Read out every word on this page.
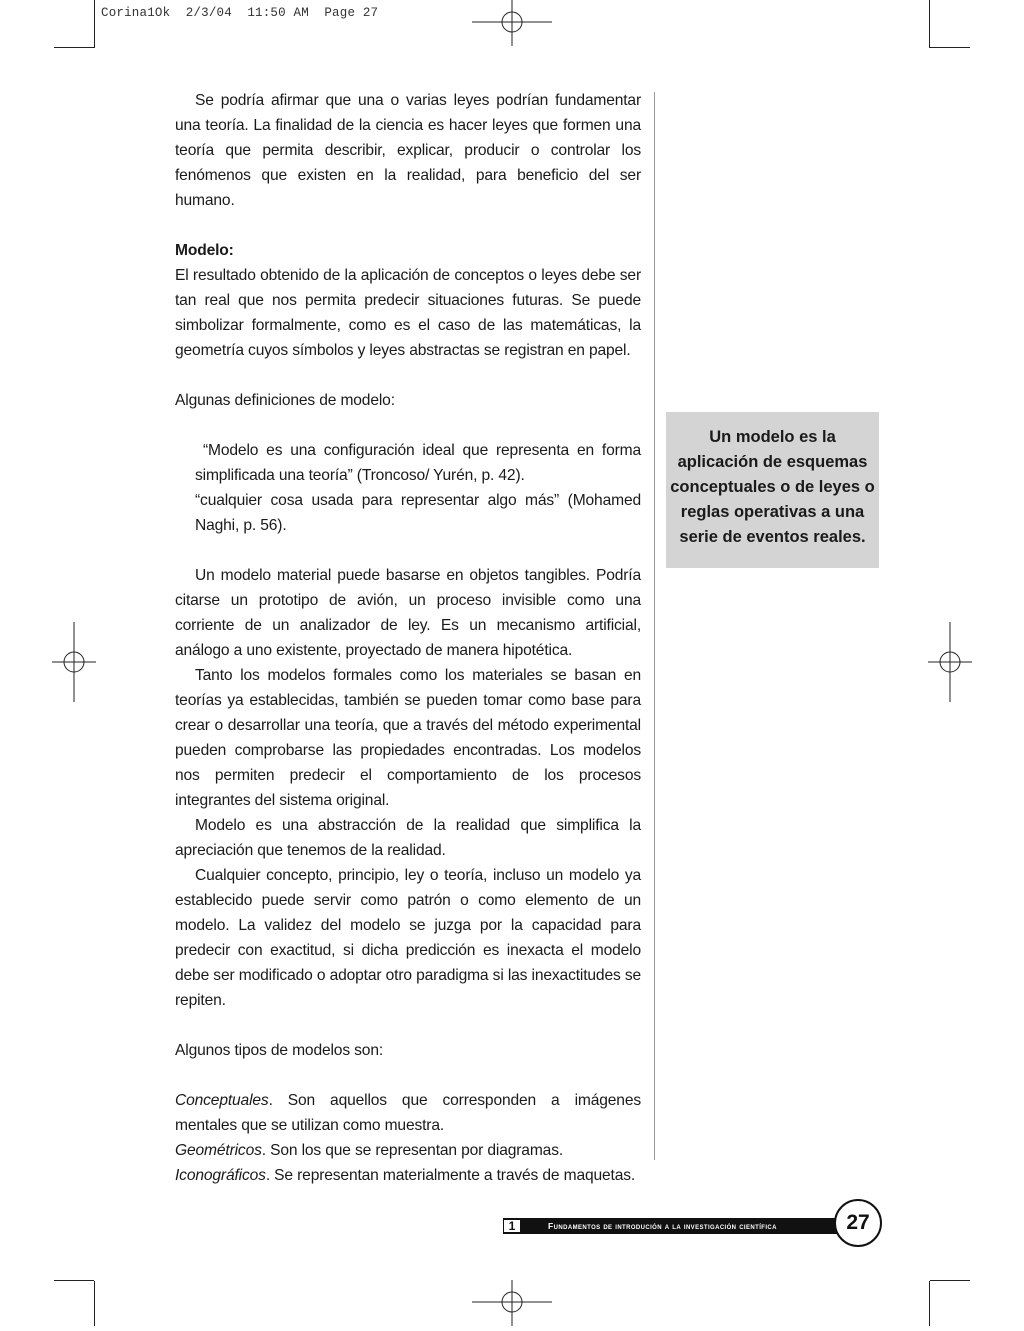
Corina1Ok  2/3/04  11:50 AM  Page 27

Se podría afirmar que una o varias leyes podrían fundamentar una teoría. La finalidad de la ciencia es hacer leyes que formen una teoría que permita describir, explicar, producir o controlar los fenómenos que existen en la realidad, para beneficio del ser humano.

Modelo:

El resultado obtenido de la aplicación de conceptos o leyes debe ser tan real que nos permita predecir situaciones futuras. Se puede simbolizar formalmente, como es el caso de las matemáticas, la geometría cuyos símbolos y leyes abstractas se registran en papel.

Algunas definiciones de modelo:

“Modelo es una configuración ideal que representa en forma simplificada una teoría” (Troncoso/ Yurén, p. 42).

“cualquier cosa usada para representar algo más” (Mohamed Naghi, p. 56).

Un modelo material puede basarse en objetos tangibles. Podría citarse un prototipo de avión, un proceso invisible como una corriente de un analizador de ley. Es un mecanismo artificial, análogo a uno existente, proyectado de manera hipotética.

Tanto los modelos formales como los materiales se basan en teorías ya establecidas, también se pueden tomar como base para crear o desarrollar una teoría, que a través del método experimental pueden comprobarse las propiedades encontradas. Los modelos nos permiten predecir el comportamiento de los procesos integrantes del sistema original.

Modelo es una abstracción de la realidad que simplifica la apreciación que tenemos de la realidad.

Cualquier concepto, principio, ley o teoría, incluso un modelo ya establecido puede servir como patrón o como elemento de un modelo. La validez del modelo se juzga por la capacidad para predecir con exactitud, si dicha predicción es inexacta el modelo debe ser modificado o adoptar otro paradigma si las inexactitudes se repiten.

Algunos tipos de modelos son:

Conceptuales. Son aquellos que corresponden a imágenes mentales que se utilizan como muestra.

Geométricos. Son los que se representan por diagramas.

Iconográficos. Se representan materialmente a través de maquetas.

Un modelo es la aplicación de esquemas conceptuales o de leyes o reglas operativas a una serie de eventos reales.
1	Fundamentos de introdución a la investigación científica	27
